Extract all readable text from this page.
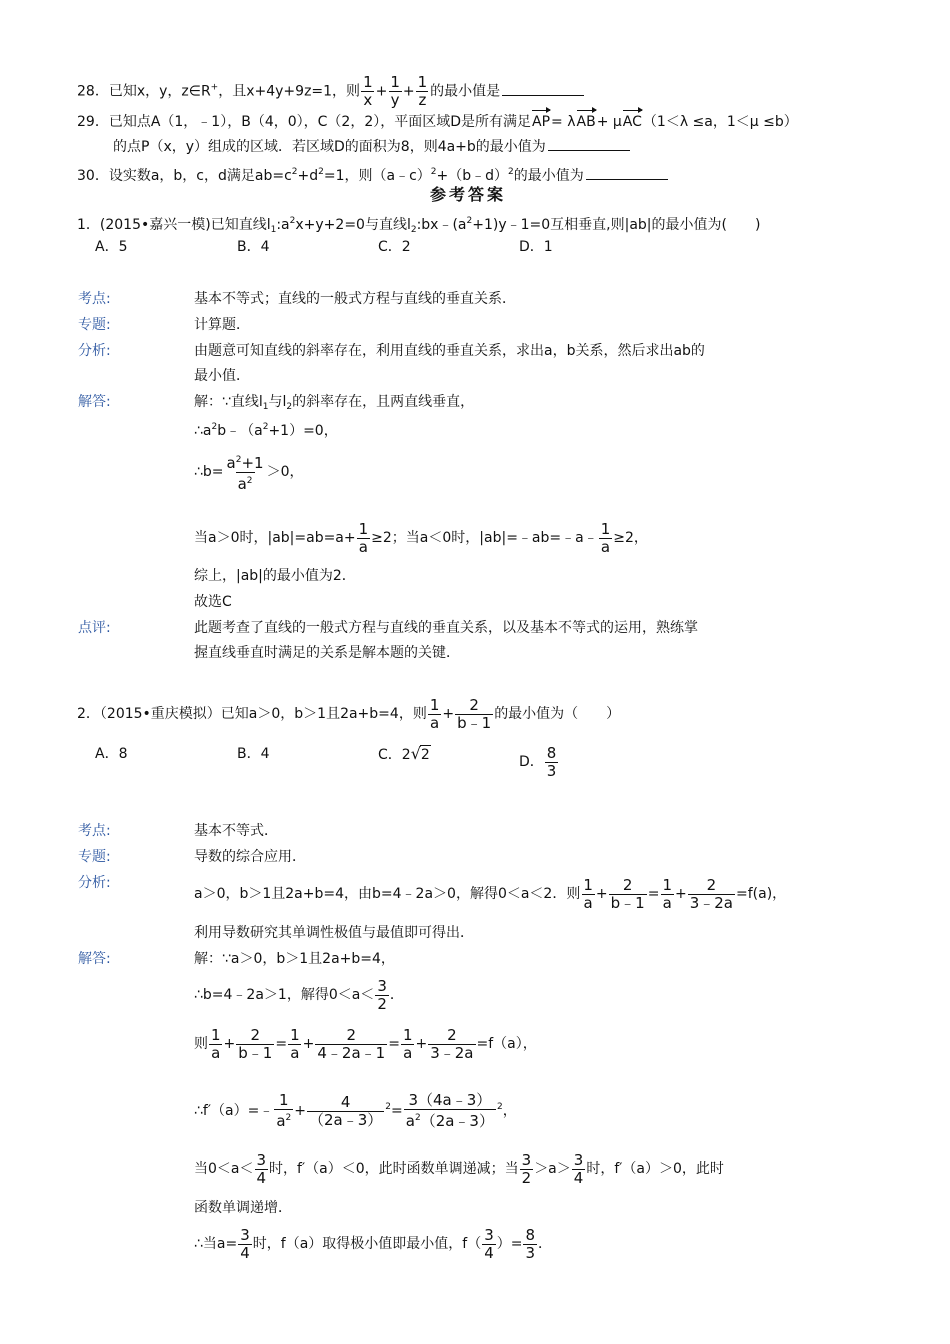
28．已知x，y，z∈R+，且x+4y+9z=1，则 $\frac{1}{x} + \frac{1}{y} + \frac{1}{z}$ 的最小值是
29．已知点A（1，﹣1），B（4，0），C（2，2），平面区域D是所有满足AP= λAB+ μAC（1＜λ ≤a，1＜μ ≤b）
的点P（x，y）组成的区域．若区域D的面积为8，则4a+b的最小值为
30．设实数a，b，c，d满足$ab=c^2+d^2=1$，则（a﹣c）$^2$+（b﹣d）$^2$的最小值为
参考答案
1．(2015•嘉兴一模)已知直线$l_1:a^2x+y+2=0$与直线$l_2:bx﹣(a^2+1)y﹣1=0$互相垂直,则|ab|的最小值为(　　)
A．5	B．4	C．2	D．1
考点:	基本不等式；直线的一般式方程与直线的垂直关系．
专题:	计算题．
分析:	由题意可知直线的斜率存在，利用直线的垂直关系，求出a，b关系，然后求出ab的
最小值．
解答:	解：∵直线$l_1$与$l_2$的斜率存在，且两直线垂直，
$\therefore a^2b﹣(a^2+1)=0$，
∴b= $\frac{a^2+1}{a^2} >0$，
当a＞0时，$|ab|=ab=a+ \frac{1}{a} \ge 2$；当a＜0时，|ab|=﹣ab=﹣a﹣ $\frac{1}{a} \ge 2$，
综上，|ab|的最小值为2．
故选C
点评:	此题考查了直线的一般式方程与直线的垂直关系，以及基本不等式的运用，熟练掌
握直线垂直时满足的关系是解本题的关键．
2．（2015•重庆模拟）已知a＞0，b＞1且2a+b=4，则 $\frac{1}{a} + \frac{2}{b﹣1}$ 的最小值为（　　）
A．8	B．4	C．2√2	D． $\frac{8}{3}$
考点:	基本不等式．
专题:	导数的综合应用．
分析:
a＞0，b＞1且2a+b=4，由b=4﹣2a＞0，解得0＜a＜2．则 $\frac{1}{a} + \frac{2}{b﹣1} = \frac{1}{a} + \frac{2}{3﹣2a} =f(a)$，
利用导数研究其单调性极值与最值即可得出．
解答:	解：∵a＞0，b＞1且2a+b=4，
∴b=4﹣2a＞1，解得$0<a< \frac{3}{2}$ ．
则 $\frac{1}{a} + \frac{2}{b﹣1} = \frac{1}{a} + \frac{2}{4﹣2a﹣1} = \frac{1}{a} + \frac{2}{3﹣2a} =f(a)$，
∴f′（a）=﹣ $\frac{1}{a^2} + \frac{4}{(2a﹣3)} ^2= \frac{3(4a﹣3)}{a^2(2a﹣3)} ^2$，
当$0<a< \frac{3}{4}$ 时，f′（a）＜0，此时函数单调递减；当 $\frac{3}{2} >a> \frac{3}{4}$ 时，f′（a）＞0，此时
函数单调递增．
∴当$a= \frac{3}{4}$ 时，f（a）取得极小值即最小值，$f( \frac{3}{4}$ ）= $\frac{8}{3}$ ．
